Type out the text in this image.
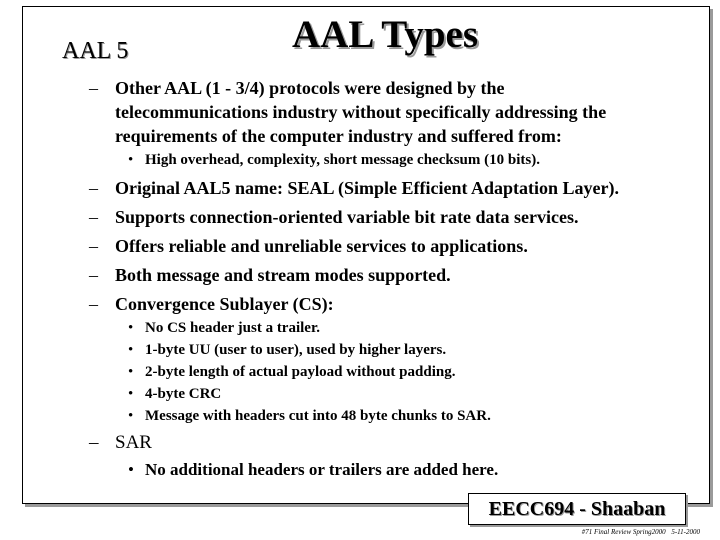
AAL 5	AAL Types
– Other AAL (1 - 3/4) protocols were designed by the
telecommunications industry without specifically addressing the
requirements of the computer industry and suffered from:
• High overhead, complexity, short message checksum (10 bits).
– Original AAL5 name: SEAL (Simple Efficient Adaptation Layer).
– Supports connection-oriented variable bit rate data services.
– Offers reliable and unreliable services to applications.
– Both message and stream modes supported.
– Convergence Sublayer (CS):
• No CS header just a trailer.
• 1-byte UU (user to user), used by higher layers.
• 2-byte length of actual payload without padding.
• 4-byte CRC
• Message with headers cut into 48 byte chunks to SAR.
– SAR
• No additional headers or trailers are added here.
EECC694 - Shaaban
#71 Final Review Spring2000 5-11-2000
